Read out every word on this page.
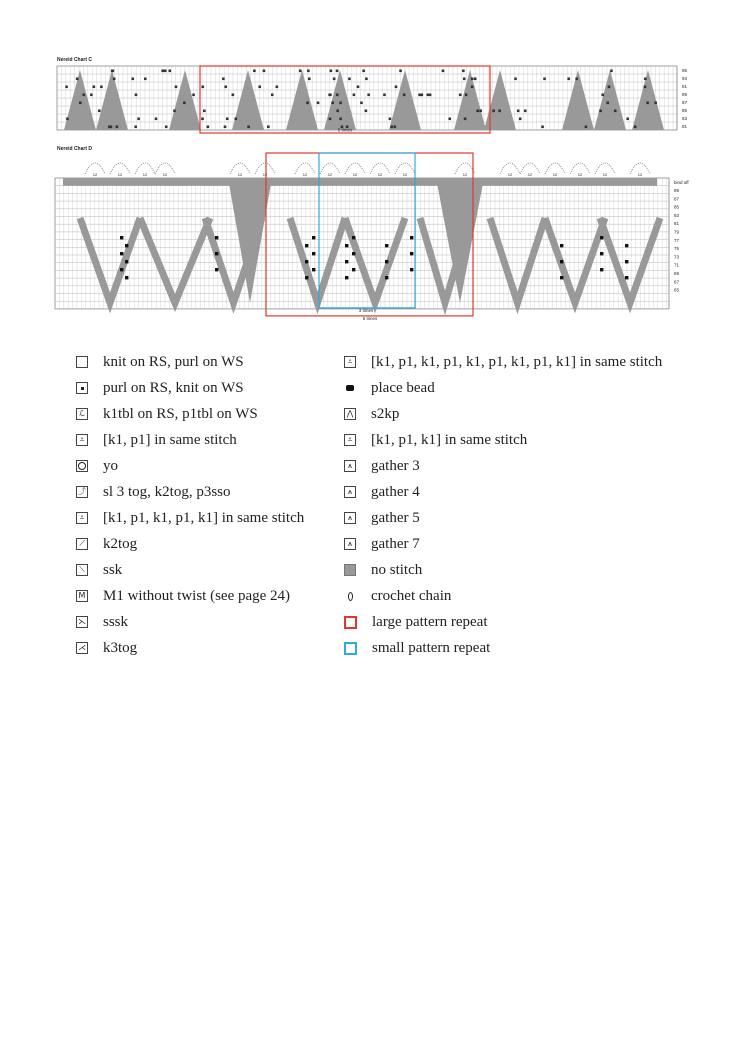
Nereid Chart C
5 times
95
93
91
89
87
85
83
81
Nereid Chart D
12	12	12	12	12	12	12	12	12	12	12	12	12	12	12	12	12	12
3 times
5 times
bind off
89
87
85
83
81
79
77
75
73
71
69
67
65
knit on RS, purl on WS
purl on RS, knit on WS
ℒ k1tbl on RS, p1tbl on WS
⩡ [k1, p1] in same stitch
yo
⤴ sl 3 tog, k2tog, p3sso
⩡ [k1, p1, k1, p1, k1] in same stitch
⟋ k2tog
⟍ ssk
M M1 without twist (see page 24)
⋋ sssk
⋌ k3tog
⩡ [k1, p1, k1, p1, k1, p1, k1, p1, k1] in same stitch
place bead
⋀ s2kp
⩡ [k1, p1, k1] in same stitch
⩚ gather 3
⩚ gather 4
⩚ gather 5
⩚ gather 7
no stitch
crochet chain
large pattern repeat
small pattern repeat
